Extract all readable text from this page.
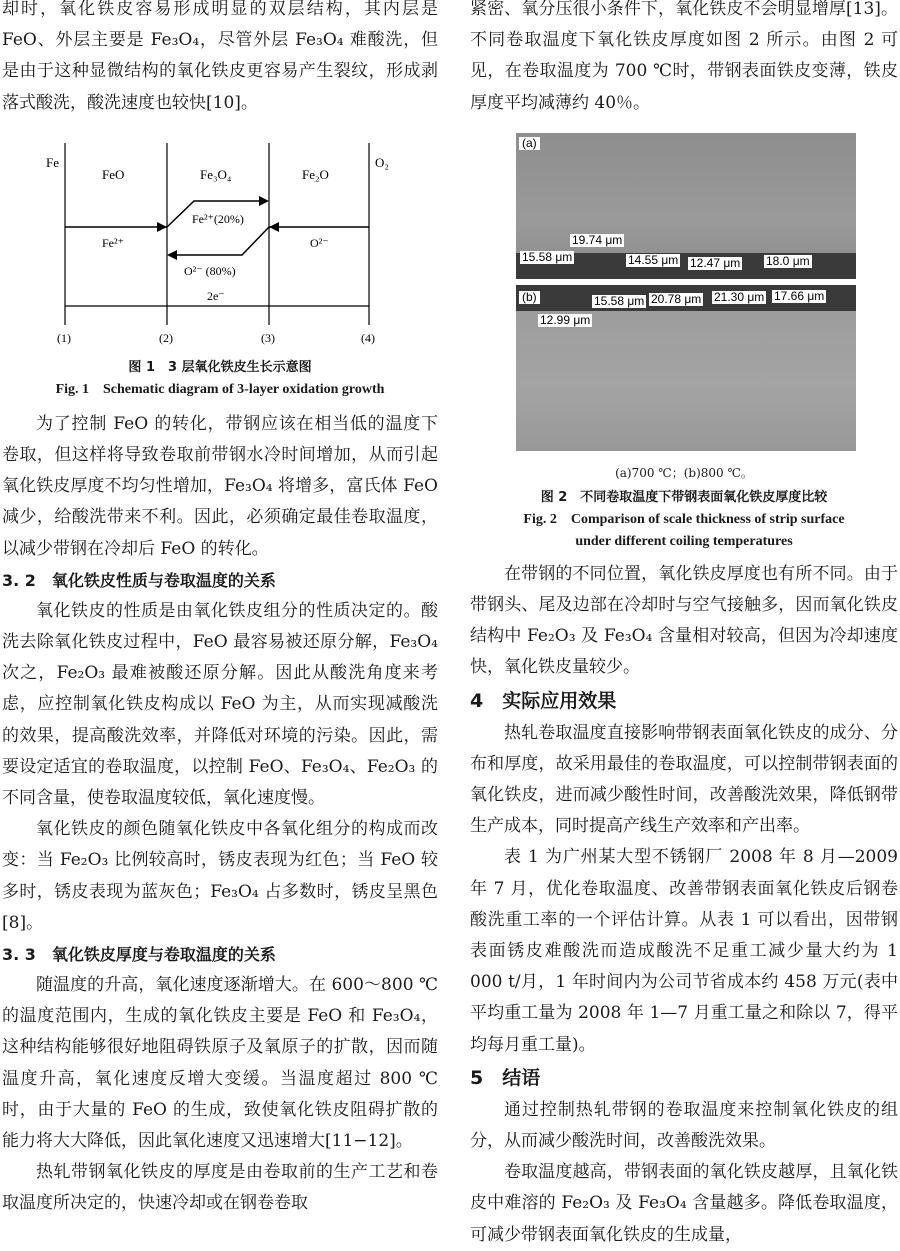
却时，氧化铁皮容易形成明显的双层结构，其内层是 FeO、外层主要是 Fe₃O₄，尽管外层 Fe₃O₄ 难酸洗，但是由于这种显微结构的氧化铁皮更容易产生裂纹，形成剥落式酸洗，酸洗速度也较快[10]。

Fe
FeO	Fe₃O₄	Fe₂O
O₂
Fe²⁺(20%)
Fe²⁺	O²⁻
O²⁻ (80%)
2e⁻
(1)	(2)	(3)	(4)
图 1　3 层氧化铁皮生长示意图
Fig. 1　Schematic diagram of 3-layer oxidation growth

为了控制 FeO 的转化，带钢应该在相当低的温度下卷取，但这样将导致卷取前带钢水冷时间增加，从而引起氧化铁皮厚度不均匀性增加，Fe₃O₄ 将增多，富氏体 FeO 减少，给酸洗带来不利。因此，必须确定最佳卷取温度，以减少带钢在冷却后 FeO 的转化。

3. 2　氧化铁皮性质与卷取温度的关系

氧化铁皮的性质是由氧化铁皮组分的性质决定的。酸洗去除氧化铁皮过程中，FeO 最容易被还原分解，Fe₃O₄ 次之，Fe₂O₃ 最难被酸还原分解。因此从酸洗角度来考虑，应控制氧化铁皮构成以 FeO 为主，从而实现减酸洗的效果，提高酸洗效率，并降低对环境的污染。因此，需要设定适宜的卷取温度，以控制 FeO、Fe₃O₄、Fe₂O₃ 的不同含量，使卷取温度较低，氧化速度慢。

氧化铁皮的颜色随氧化铁皮中各氧化组分的构成而改变：当 Fe₂O₃ 比例较高时，锈皮表现为红色；当 FeO 较多时，锈皮表现为蓝灰色；Fe₃O₄ 占多数时，锈皮呈黑色[8]。

3. 3　氧化铁皮厚度与卷取温度的关系

随温度的升高，氧化速度逐渐增大。在 600～800 ℃的温度范围内，生成的氧化铁皮主要是 FeO 和 Fe₃O₄，这种结构能够很好地阻碍铁原子及氧原子的扩散，因而随温度升高，氧化速度反增大变缓。当温度超过 800 ℃时，由于大量的 FeO 的生成，致使氧化铁皮阻碍扩散的能力将大大降低，因此氧化速度又迅速增大[11−12]。

热轧带钢氧化铁皮的厚度是由卷取前的生产工艺和卷取温度所决定的，快速冷却或在钢卷卷取

紧密、氧分压很小条件下，氧化铁皮不会明显增厚[13]。不同卷取温度下氧化铁皮厚度如图 2 所示。由图 2 可见，在卷取温度为 700 ℃时，带钢表面铁皮变薄，铁皮厚度平均减薄约 40％。

(a)
19.74 μm
15.58 μm	14.55 μm 12.47 μm 18.0 μm
(b)	15.58 μm 20.78 μm 21.30 μm 17.66 μm
12.99 μm
(a)700 ℃；(b)800 ℃。
图 2　不同卷取温度下带钢表面氧化铁皮厚度比较
Fig. 2　Comparison of scale thickness of strip surface
under different coiling temperatures

在带钢的不同位置，氧化铁皮厚度也有所不同。由于带钢头、尾及边部在冷却时与空气接触多，因而氧化铁皮结构中 Fe₂O₃ 及 Fe₃O₄ 含量相对较高，但因为冷却速度快，氧化铁皮量较少。

4　实际应用效果

热轧卷取温度直接影响带钢表面氧化铁皮的成分、分布和厚度，故采用最佳的卷取温度，可以控制带钢表面的氧化铁皮，进而减少酸性时间，改善酸洗效果，降低钢带生产成本，同时提高产线生产效率和产出率。

表 1 为广州某大型不锈钢厂 2008 年 8 月—2009 年 7 月，优化卷取温度、改善带钢表面氧化铁皮后钢卷酸洗重工率的一个评估计算。从表 1 可以看出，因带钢表面锈皮难酸洗而造成酸洗不足重工减少量大约为 1 000 t/月，1 年时间内为公司节省成本约 458 万元(表中平均重工量为 2008 年 1—7 月重工量之和除以 7，得平均每月重工量)。

5　结语

通过控制热轧带钢的卷取温度来控制氧化铁皮的组分，从而减少酸洗时间，改善酸洗效果。

卷取温度越高，带钢表面的氧化铁皮越厚，且氧化铁皮中难溶的 Fe₂O₃ 及 Fe₃O₄ 含量越多。降低卷取温度，可减少带钢表面氧化铁皮的生成量，
